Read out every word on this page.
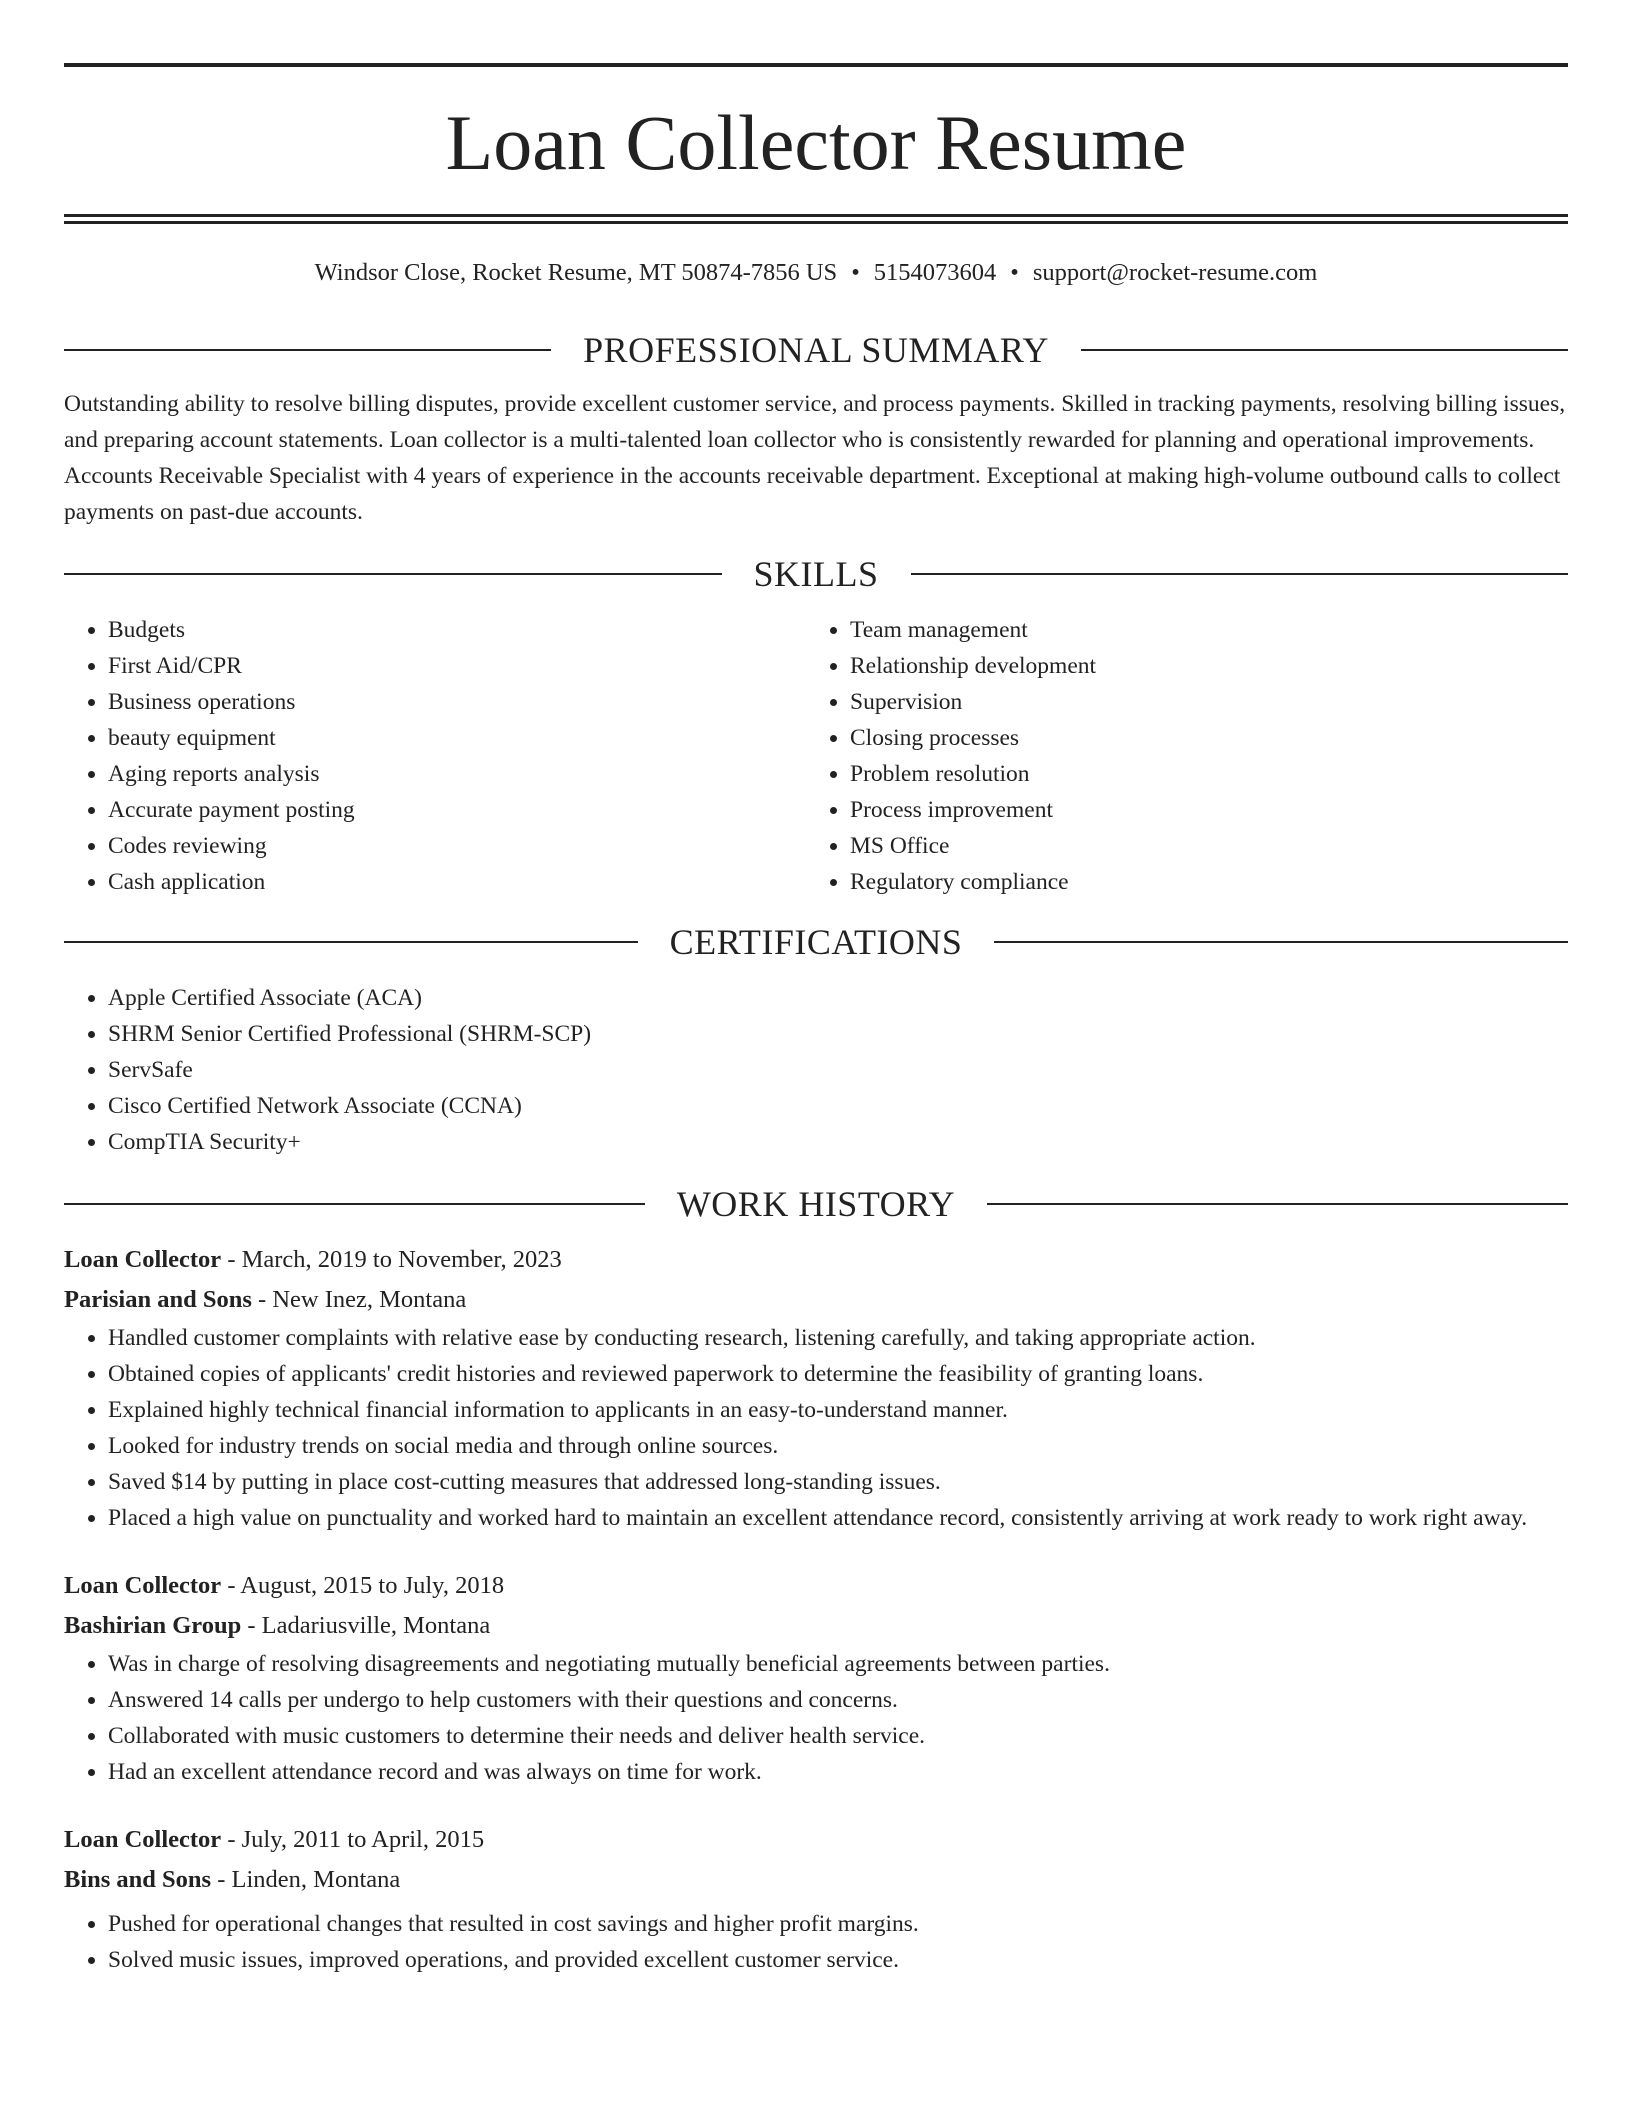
Loan Collector Resume
Windsor Close, Rocket Resume, MT 50874-7856 US • 5154073604 • support@rocket-resume.com
PROFESSIONAL SUMMARY

Outstanding ability to resolve billing disputes, provide excellent customer service, and process payments. Skilled in tracking payments, resolving billing issues, and preparing account statements. Loan collector is a multi-talented loan collector who is consistently rewarded for planning and operational improvements. Accounts Receivable Specialist with 4 years of experience in the accounts receivable department. Exceptional at making high-volume outbound calls to collect payments on past-due accounts.

SKILLS
• Budgets
• First Aid/CPR
• Business operations
• beauty equipment
• Aging reports analysis
• Accurate payment posting
• Codes reviewing
• Cash application
• Team management
• Relationship development
• Supervision
• Closing processes
• Problem resolution
• Process improvement
• MS Office
• Regulatory compliance
CERTIFICATIONS
• Apple Certified Associate (ACA)
• SHRM Senior Certified Professional (SHRM-SCP)
• ServSafe
• Cisco Certified Network Associate (CCNA)
• CompTIA Security+
WORK HISTORY
Loan Collector - March, 2019 to November, 2023
Parisian and Sons - New Inez, Montana
• Handled customer complaints with relative ease by conducting research, listening carefully, and taking appropriate action.
• Obtained copies of applicants' credit histories and reviewed paperwork to determine the feasibility of granting loans.
• Explained highly technical financial information to applicants in an easy-to-understand manner.
• Looked for industry trends on social media and through online sources.
• Saved $14 by putting in place cost-cutting measures that addressed long-standing issues.
• Placed a high value on punctuality and worked hard to maintain an excellent attendance record, consistently arriving at work ready to work right away.
Loan Collector - August, 2015 to July, 2018
Bashirian Group - Ladariusville, Montana
• Was in charge of resolving disagreements and negotiating mutually beneficial agreements between parties.
• Answered 14 calls per undergo to help customers with their questions and concerns.
• Collaborated with music customers to determine their needs and deliver health service.
• Had an excellent attendance record and was always on time for work.
Loan Collector - July, 2011 to April, 2015
Bins and Sons - Linden, Montana
• Pushed for operational changes that resulted in cost savings and higher profit margins.
• Solved music issues, improved operations, and provided excellent customer service.
